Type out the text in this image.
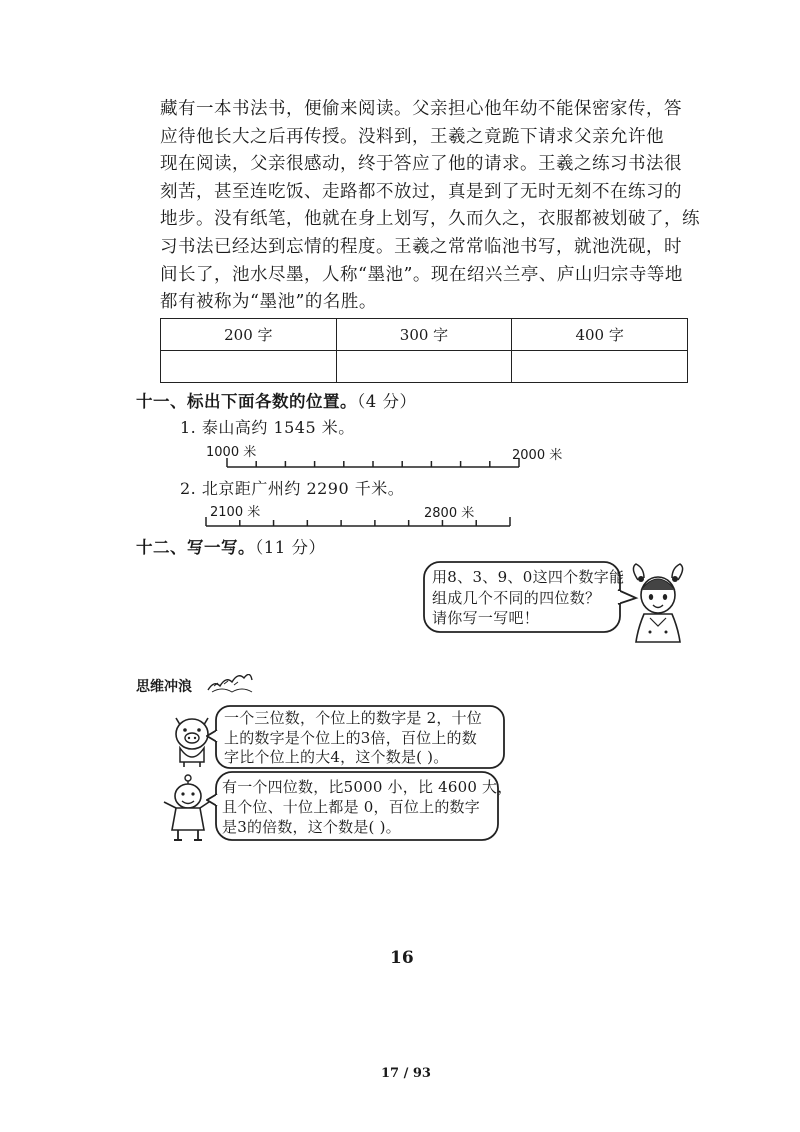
藏有一本书法书，便偷来阅读。父亲担心他年幼不能保密家传，答
应待他长大之后再传授。没料到，王羲之竟跪下请求父亲允许他
现在阅读，父亲很感动，终于答应了他的请求。王羲之练习书法很
刻苦，甚至连吃饭、走路都不放过，真是到了无时无刻不在练习的
地步。没有纸笔，他就在身上划写，久而久之，衣服都被划破了，练
习书法已经达到忘情的程度。王羲之常常临池书写，就池洗砚，时
间长了，池水尽墨，人称“墨池”。现在绍兴兰亭、庐山归宗寺等地
都有被称为“墨池”的名胜。
200 字	300 字	400 字

十一、标出下面各数的位置。（4 分）
1. 泰山高约 1545 米。
1000 米	2000 米
2. 北京距广州约 2290 千米。
2100 米	2800 米
十二、写一写。（11 分）
用8、3、9、0这四个数字能
组成几个不同的四位数？
请你写一写吧！
思维冲浪
一个三位数，个位上的数字是 2，十位
上的数字是个位上的3倍，百位上的数
字比个位上的大4，这个数是( )。
有一个四位数，比5000 小，比 4600 大，
且个位、十位上都是 0，百位上的数字
是3的倍数，这个数是( )。
16
17 / 93
